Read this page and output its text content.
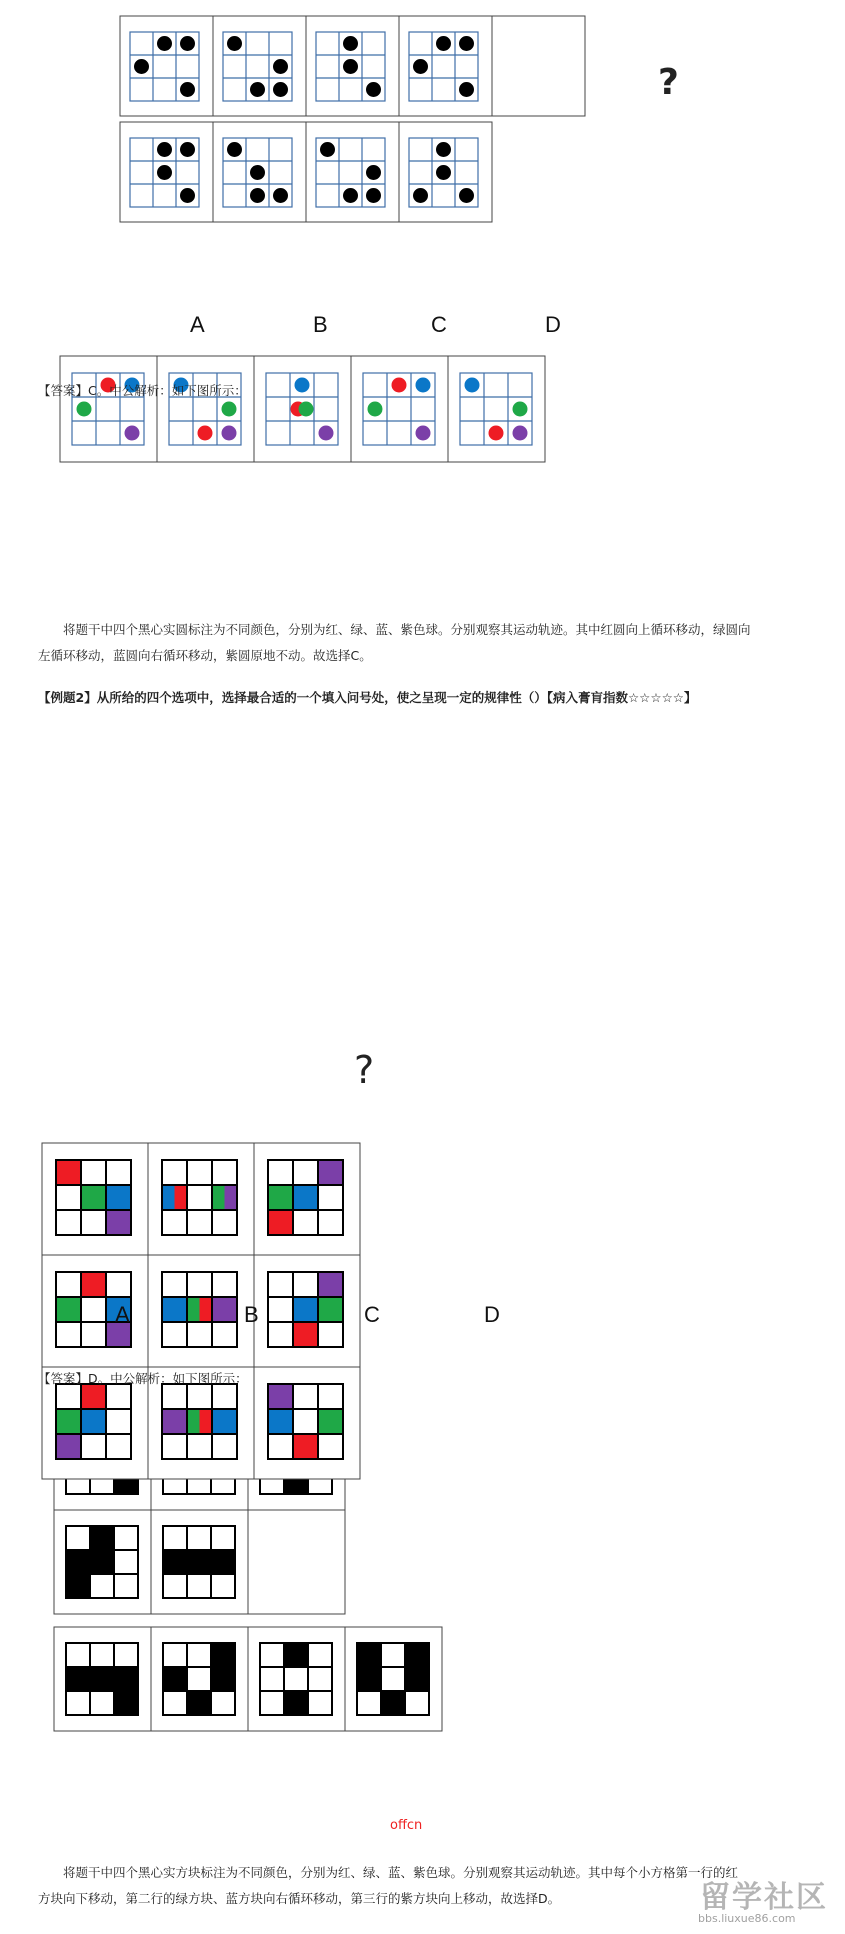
?
A	B	C	D
【答案】C。中公解析：如下图所示：
将题干中四个黑心实圆标注为不同颜色，分别为红、绿、蓝、紫色球。分别观察其运动轨迹。其中红圆向上循环移动，绿圆向
左循环移动，蓝圆向右循环移动，紫圆原地不动。故选择C。
【例题2】从所给的四个选项中，选择最合适的一个填入问号处，使之呈现一定的规律性（）【病入膏肓指数☆☆☆☆☆】
?
A	B	C	D
【答案】D。中公解析：如下图所示：
offcn
将题干中四个黑心实方块标注为不同颜色，分别为红、绿、蓝、紫色球。分别观察其运动轨迹。其中每个小方格第一行的红
方块向下移动，第二行的绿方块、蓝方块向右循环移动，第三行的紫方块向上移动，故选择D。	留学社区
bbs.liuxue86.com
